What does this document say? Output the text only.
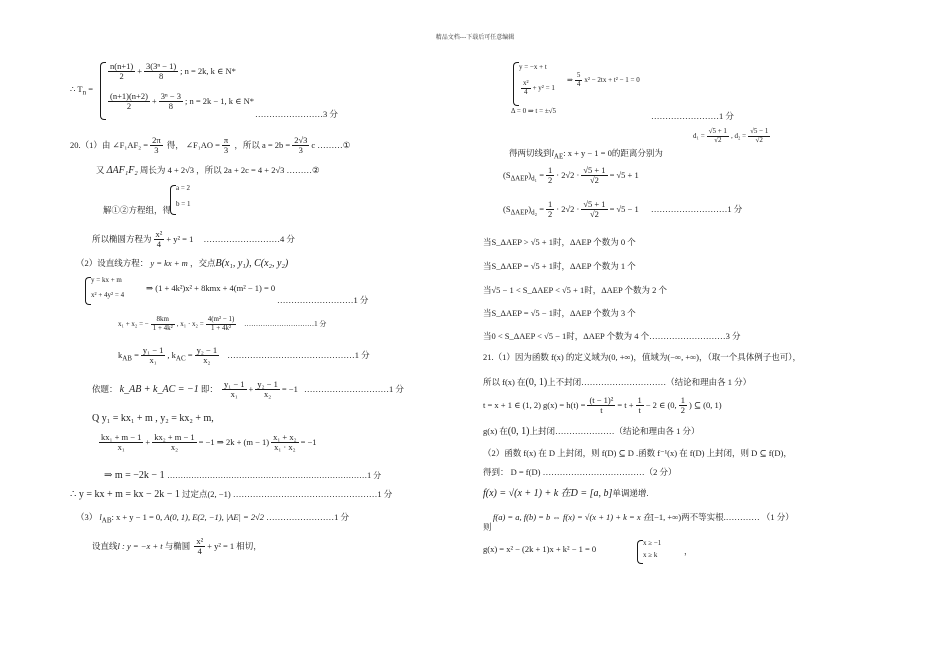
精品文档---下载后可任意编辑
∴ $T_n$ =
$\frac{n(n+1)}{2} + \frac{\text{3(3ⁿ − 1)}}{8}$ ; n = 2k, k ∈ N*
$\frac{(n+1)(n+2)}{2} + \frac{\text{3ⁿ − 3}}{8}$ ; n = 2k − 1, k ∈ N*
……………………3 分
20.（1）由 ∠F₁AF₂ = $\frac{2\pi}{3}$ 得， ∠F₁AO = $\frac{\pi}{3}$ ，所以 $a = 2b = \frac{2√3}{3}$ c ………①
又 ΔAF₁F₂ 周长为 4 + 2√3 ，所以 2a + 2c = 4 + 2√3 ………②
a = 2
b = 1
解①②方程组，得
所以椭圆方程为 $\frac{\text{x²}}{4} + y^2 = 1$ ………………………4 分
（2）设直线方程： y = kx + m ，交点B(x₁, y₁), C(x₂, y₂)
y = kx + m
x² + 4y² = 4
⇒ (1 + 4k²)x² + 8kmx + 4(m² − 1) = 0
………………………1 分
x₁ + x₂ = − $\frac{8km}{\text{1 + 4k²}}$ , $x_1 \cdot x_2 = \frac{\text{4(m² − 1)}}{\text{1 + 4k²}}$ …………………………1 分
$k_{AB} = \frac{\text{y₁ − 1}}{\text{x₁}}$ , $k_{AC} = \frac{\text{y₂ − 1}}{\text{x₂}}$ ………………………………………1 分
依题： k_AB + k_AC = −1 即： $\frac{\text{y₁ − 1}}{\text{x₁}} + \frac{\text{y₂ − 1}}{\text{x₂}} = -1$ …………………………1 分
Q y₁ = kx₁ + m , y₂ = kx₂ + m,
$\frac{\text{kx₁ + m − 1}}{\text{x₁}} + \frac{\text{kx₂ + m − 1}}{\text{x₂}} = -1$ ⇒ $2k + (m - 1) \frac{\text{x₁ + x₂}}{\text{x₁ · x₂}} = -1$
⇒ m = −2k − 1 …………………………………………………………………1 分
∴ y = kx + m = kx − 2k − 1 过定点(2, −1) ……………………………………………1 分
（3） $l_{AB}$: x + y − 1 = 0, A(0, 1), E(2, −1), |AE| = 2√2 ……………………1 分
设直线l : y = −x + t 与椭圆 $\frac{\text{x²}}{4} + y^2 = 1$ 相切，
y = −x + t
$\frac{\text{x²}}{4} + y^2 = 1$
⇒ $\frac{5}{4} x^2 - 2tx + t^2 - 1 = 0$
Δ = 0 ⇒ t = ±√5	……………………1 分
$d_1 = \frac{√5 + 1}{√2}$ , $d_2 = \frac{√5 - 1}{√2}$
得两切线到$l_{AE}$: x + y − 1 = 0的距离分别为
$(S_{\Delta AEP})_{d_1} = \frac{1}{2} \cdot 2√2 \cdot \frac{√5 + 1}{√2} = √5 + 1$
$(S_{\Delta AEP})_{d_2} = \frac{1}{2} \cdot 2√2 \cdot \frac{√5 + 1}{√2} = √5 - 1$ ………………………1 分
当S_ΔAEP > √5 + 1时，ΔAEP 个数为 0 个
当S_ΔAEP = √5 + 1时，ΔAEP 个数为 1 个
当√5 − 1 < S_ΔAEP < √5 + 1时，ΔAEP 个数为 2 个
当S_ΔAEP = √5 − 1时，ΔAEP 个数为 3 个
当0 < S_ΔAEP < √5 − 1时，ΔAEP 个数为 4 个………………………3 分
21.（1）因为函数 f(x) 的定义域为(0, +∞)，值域为(−∞, +∞)，（取一个具体例子也可），
所以 f(x) 在(0, 1)上不封闭…………………………（结论和理由各 1 分）
t = x + 1 ∈ (1, 2) $g(x) = h(t) = \frac{\text{(t − 1)²}}{t} = t + \frac{1}{t} - 2$ ∈ (0, $\frac{1}{2}$ ) ⊆ (0, 1)
g(x) 在(0, 1)上封闭…………………（结论和理由各 1 分）
（2）函数 f(x) 在 D 上封闭，则 f(D) ⊆ D .函数 f⁻¹(x) 在 f(D) 上封闭，则 D ⊆ f(D)，
得到： D = f(D) ………………………………（2 分）
f(x) = √(x + 1) + k 在D = [a, b]单调递增.
f(a) = a, f(b) = b ⇔ f(x) = √(x + 1) + k = x 在[−1, +∞)两不等实根.………… （1 分）
则
g(x) = x² − (2k + 1)x + k² − 1 = 0
x ≥ −1
x ≥ k	，
